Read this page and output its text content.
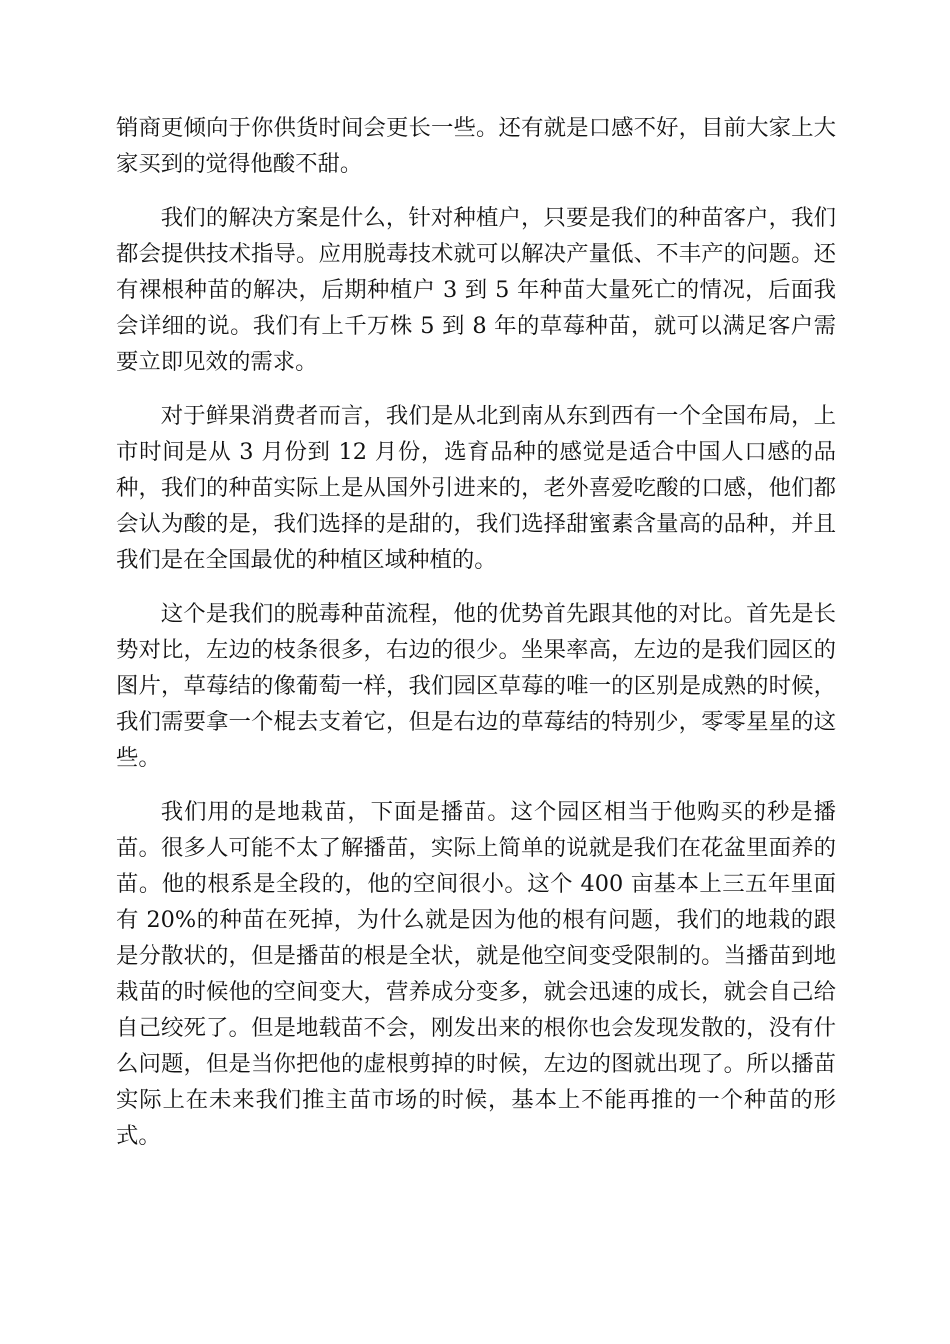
销商更倾向于你供货时间会更长一些。还有就是口感不好，目前大家上大家买到的觉得他酸不甜。

我们的解决方案是什么，针对种植户，只要是我们的种苗客户，我们都会提供技术指导。应用脱毒技术就可以解决产量低、不丰产的问题。还有裸根种苗的解决，后期种植户 3 到 5 年种苗大量死亡的情况，后面我会详细的说。我们有上千万株 5 到 8 年的草莓种苗，就可以满足客户需要立即见效的需求。

对于鲜果消费者而言，我们是从北到南从东到西有一个全国布局，上市时间是从 3 月份到 12 月份，选育品种的感觉是适合中国人口感的品种，我们的种苗实际上是从国外引进来的，老外喜爱吃酸的口感，他们都会认为酸的是，我们选择的是甜的，我们选择甜蜜素含量高的品种，并且我们是在全国最优的种植区域种植的。

这个是我们的脱毒种苗流程，他的优势首先跟其他的对比。首先是长势对比，左边的枝条很多，右边的很少。坐果率高，左边的是我们园区的图片，草莓结的像葡萄一样，我们园区草莓的唯一的区别是成熟的时候，我们需要拿一个棍去支着它，但是右边的草莓结的特别少，零零星星的这些。

我们用的是地栽苗，下面是播苗。这个园区相当于他购买的秒是播苗。很多人可能不太了解播苗，实际上简单的说就是我们在花盆里面养的苗。他的根系是全段的，他的空间很小。这个 400 亩基本上三五年里面有 20%的种苗在死掉，为什么就是因为他的根有问题，我们的地栽的跟是分散状的，但是播苗的根是全状，就是他空间变受限制的。当播苗到地栽苗的时候他的空间变大，营养成分变多，就会迅速的成长，就会自己给自己绞死了。但是地载苗不会，刚发出来的根你也会发现发散的，没有什么问题，但是当你把他的虚根剪掉的时候，左边的图就出现了。所以播苗实际上在未来我们推主苗市场的时候，基本上不能再推的一个种苗的形式。
